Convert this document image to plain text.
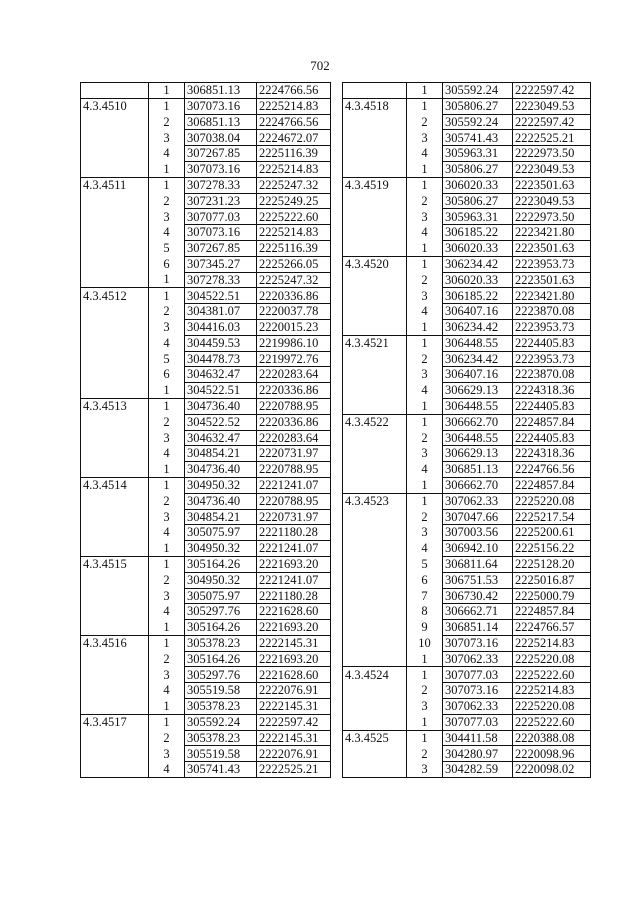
702
	1	306851.13	2224766.56
4.3.4510	1	307073.16	2225214.83
	2	306851.13	2224766.56
	3	307038.04	2224672.07
	4	307267.85	2225116.39
	1	307073.16	2225214.83
4.3.4511	1	307278.33	2225247.32
	2	307231.23	2225249.25
	3	307077.03	2225222.60
	4	307073.16	2225214.83
	5	307267.85	2225116.39
	6	307345.27	2225266.05
	1	307278.33	2225247.32
4.3.4512	1	304522.51	2220336.86
	2	304381.07	2220037.78
	3	304416.03	2220015.23
	4	304459.53	2219986.10
	5	304478.73	2219972.76
	6	304632.47	2220283.64
	1	304522.51	2220336.86
4.3.4513	1	304736.40	2220788.95
	2	304522.52	2220336.86
	3	304632.47	2220283.64
	4	304854.21	2220731.97
	1	304736.40	2220788.95
4.3.4514	1	304950.32	2221241.07
	2	304736.40	2220788.95
	3	304854.21	2220731.97
	4	305075.97	2221180.28
	1	304950.32	2221241.07
4.3.4515	1	305164.26	2221693.20
	2	304950.32	2221241.07
	3	305075.97	2221180.28
	4	305297.76	2221628.60
	1	305164.26	2221693.20
4.3.4516	1	305378.23	2222145.31
	2	305164.26	2221693.20
	3	305297.76	2221628.60
	4	305519.58	2222076.91
	1	305378.23	2222145.31
4.3.4517	1	305592.24	2222597.42
	2	305378.23	2222145.31
	3	305519.58	2222076.91
	4	305741.43	2222525.21
	1	305592.24	2222597.42
4.3.4518	1	305806.27	2223049.53
	2	305592.24	2222597.42
	3	305741.43	2222525.21
	4	305963.31	2222973.50
	1	305806.27	2223049.53
4.3.4519	1	306020.33	2223501.63
	2	305806.27	2223049.53
	3	305963.31	2222973.50
	4	306185.22	2223421.80
	1	306020.33	2223501.63
4.3.4520	1	306234.42	2223953.73
	2	306020.33	2223501.63
	3	306185.22	2223421.80
	4	306407.16	2223870.08
	1	306234.42	2223953.73
4.3.4521	1	306448.55	2224405.83
	2	306234.42	2223953.73
	3	306407.16	2223870.08
	4	306629.13	2224318.36
	1	306448.55	2224405.83
4.3.4522	1	306662.70	2224857.84
	2	306448.55	2224405.83
	3	306629.13	2224318.36
	4	306851.13	2224766.56
	1	306662.70	2224857.84
4.3.4523	1	307062.33	2225220.08
	2	307047.66	2225217.54
	3	307003.56	2225200.61
	4	306942.10	2225156.22
	5	306811.64	2225128.20
	6	306751.53	2225016.87
	7	306730.42	2225000.79
	8	306662.71	2224857.84
	9	306851.14	2224766.57
	10	307073.16	2225214.83
	1	307062.33	2225220.08
4.3.4524	1	307077.03	2225222.60
	2	307073.16	2225214.83
	3	307062.33	2225220.08
	1	307077.03	2225222.60
4.3.4525	1	304411.58	2220388.08
	2	304280.97	2220098.96
	3	304282.59	2220098.02
